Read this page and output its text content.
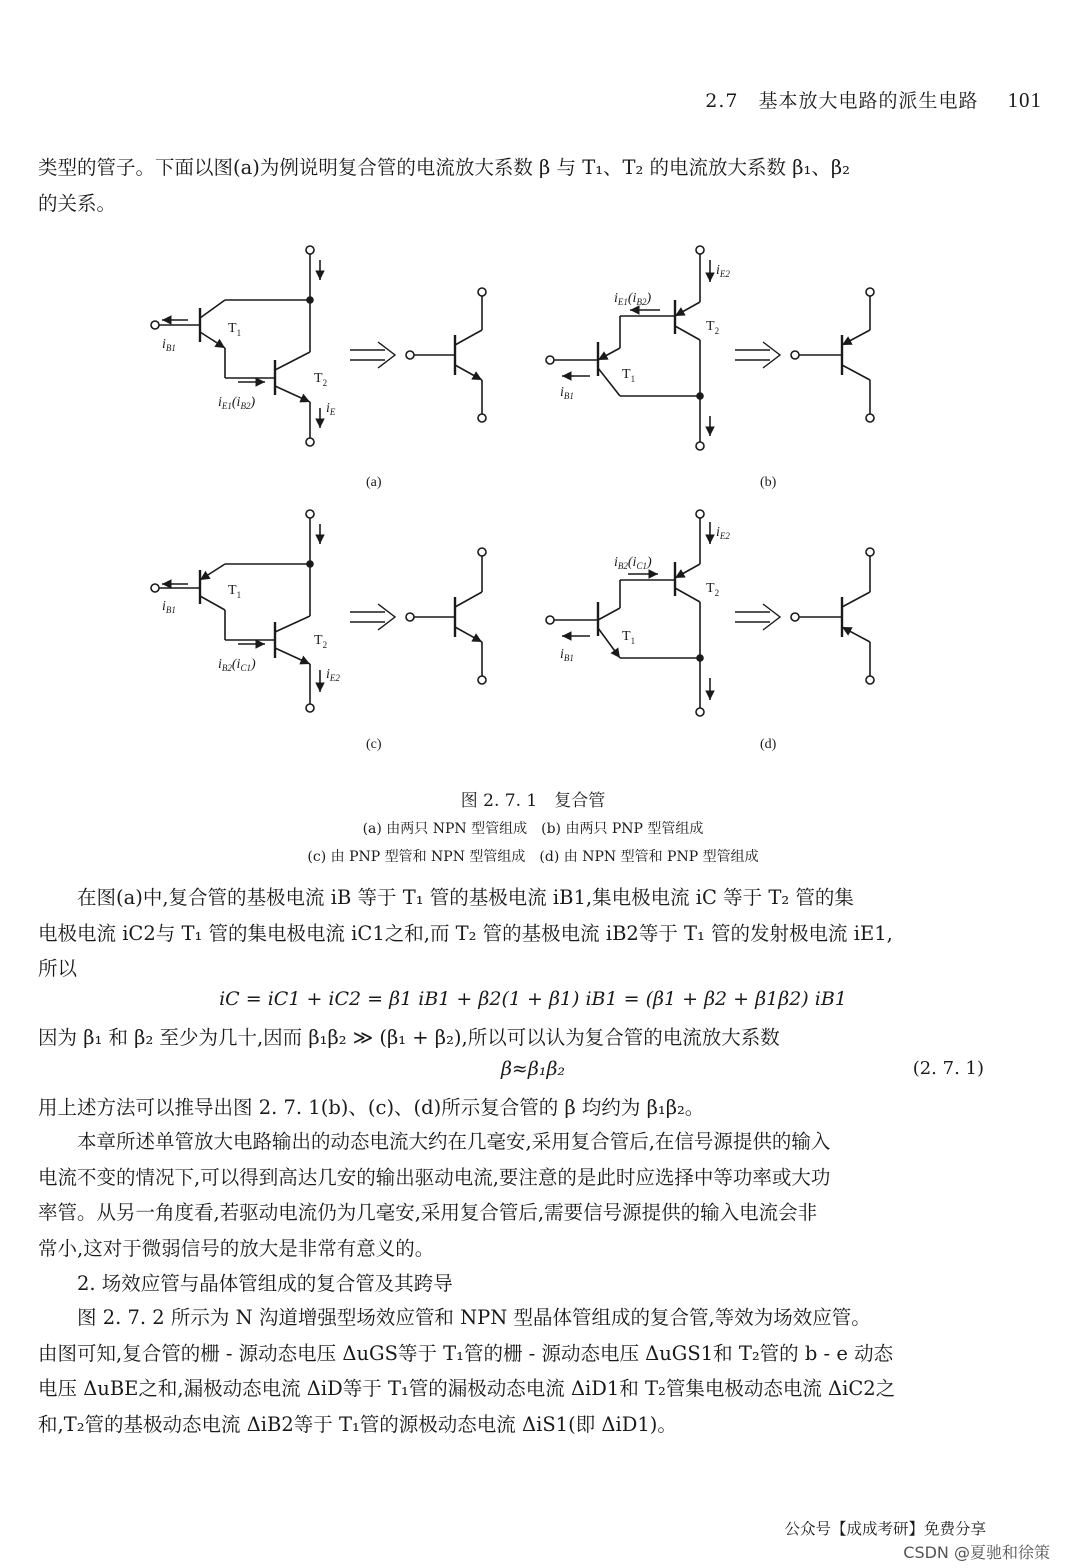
2.7　基本放大电路的派生电路 101

类型的管子。下面以图(a)为例说明复合管的电流放大系数 β 与 T₁、T₂ 的电流放大系数 β₁、β₂

的关系。

$T_1$
$T_2$
$i_{B1}$
$i_{E1}(i_{B2})$	$i_E$
(a)
$T_2$
$T_1$
$i_{E1}(i_{B2})$
$i_{E2}$
$i_{B1}$
(b)
$T_1$
$T_2$
$i_{B1}$
$i_{B2}(i_{C1})$
$i_{E2}$
(c)
$T_2$
$T_1$
$i_{B2}(i_{C1})$
$i_{E2}$
$i_{B1}$
(d)
图 2. 7. 1　复合管
(a) 由两只 NPN 型管组成　(b) 由两只 PNP 型管组成
(c) 由 PNP 型管和 NPN 型管组成　(d) 由 NPN 型管和 PNP 型管组成

在图(a)中,复合管的基极电流 iB 等于 T₁ 管的基极电流 iB1,集电极电流 iC 等于 T₂ 管的集

电极电流 iC2与 T₁ 管的集电极电流 iC1之和,而 T₂ 管的基极电流 iB2等于 T₁ 管的发射极电流 iE1,

所以

iC = iC1 + iC2 = β1 iB1 + β2(1 + β1) iB1 = (β1 + β2 + β1β2) iB1

因为 β₁ 和 β₂ 至少为几十,因而 β₁β₂ ≫ (β₁ + β₂),所以可以认为复合管的电流放大系数

β≈β₁β₂	(2. 7. 1)

用上述方法可以推导出图 2. 7. 1(b)、(c)、(d)所示复合管的 β 均约为 β₁β₂。

本章所述单管放大电路输出的动态电流大约在几毫安,采用复合管后,在信号源提供的输入

电流不变的情况下,可以得到高达几安的输出驱动电流,要注意的是此时应选择中等功率或大功

率管。从另一角度看,若驱动电流仍为几毫安,采用复合管后,需要信号源提供的输入电流会非

常小,这对于微弱信号的放大是非常有意义的。

2. 场效应管与晶体管组成的复合管及其跨导

图 2. 7. 2 所示为 N 沟道增强型场效应管和 NPN 型晶体管组成的复合管,等效为场效应管。

由图可知,复合管的栅 - 源动态电压 ΔuGS等于 T₁管的栅 - 源动态电压 ΔuGS1和 T₂管的 b - e 动态

电压 ΔuBE之和,漏极动态电流 ΔiD等于 T₁管的漏极动态电流 ΔiD1和 T₂管集电极动态电流 ΔiC2之

和,T₂管的基极动态电流 ΔiB2等于 T₁管的源极动态电流 ΔiS1(即 ΔiD1)。

公众号【成成考研】免费分享
CSDN @夏驰和徐策
